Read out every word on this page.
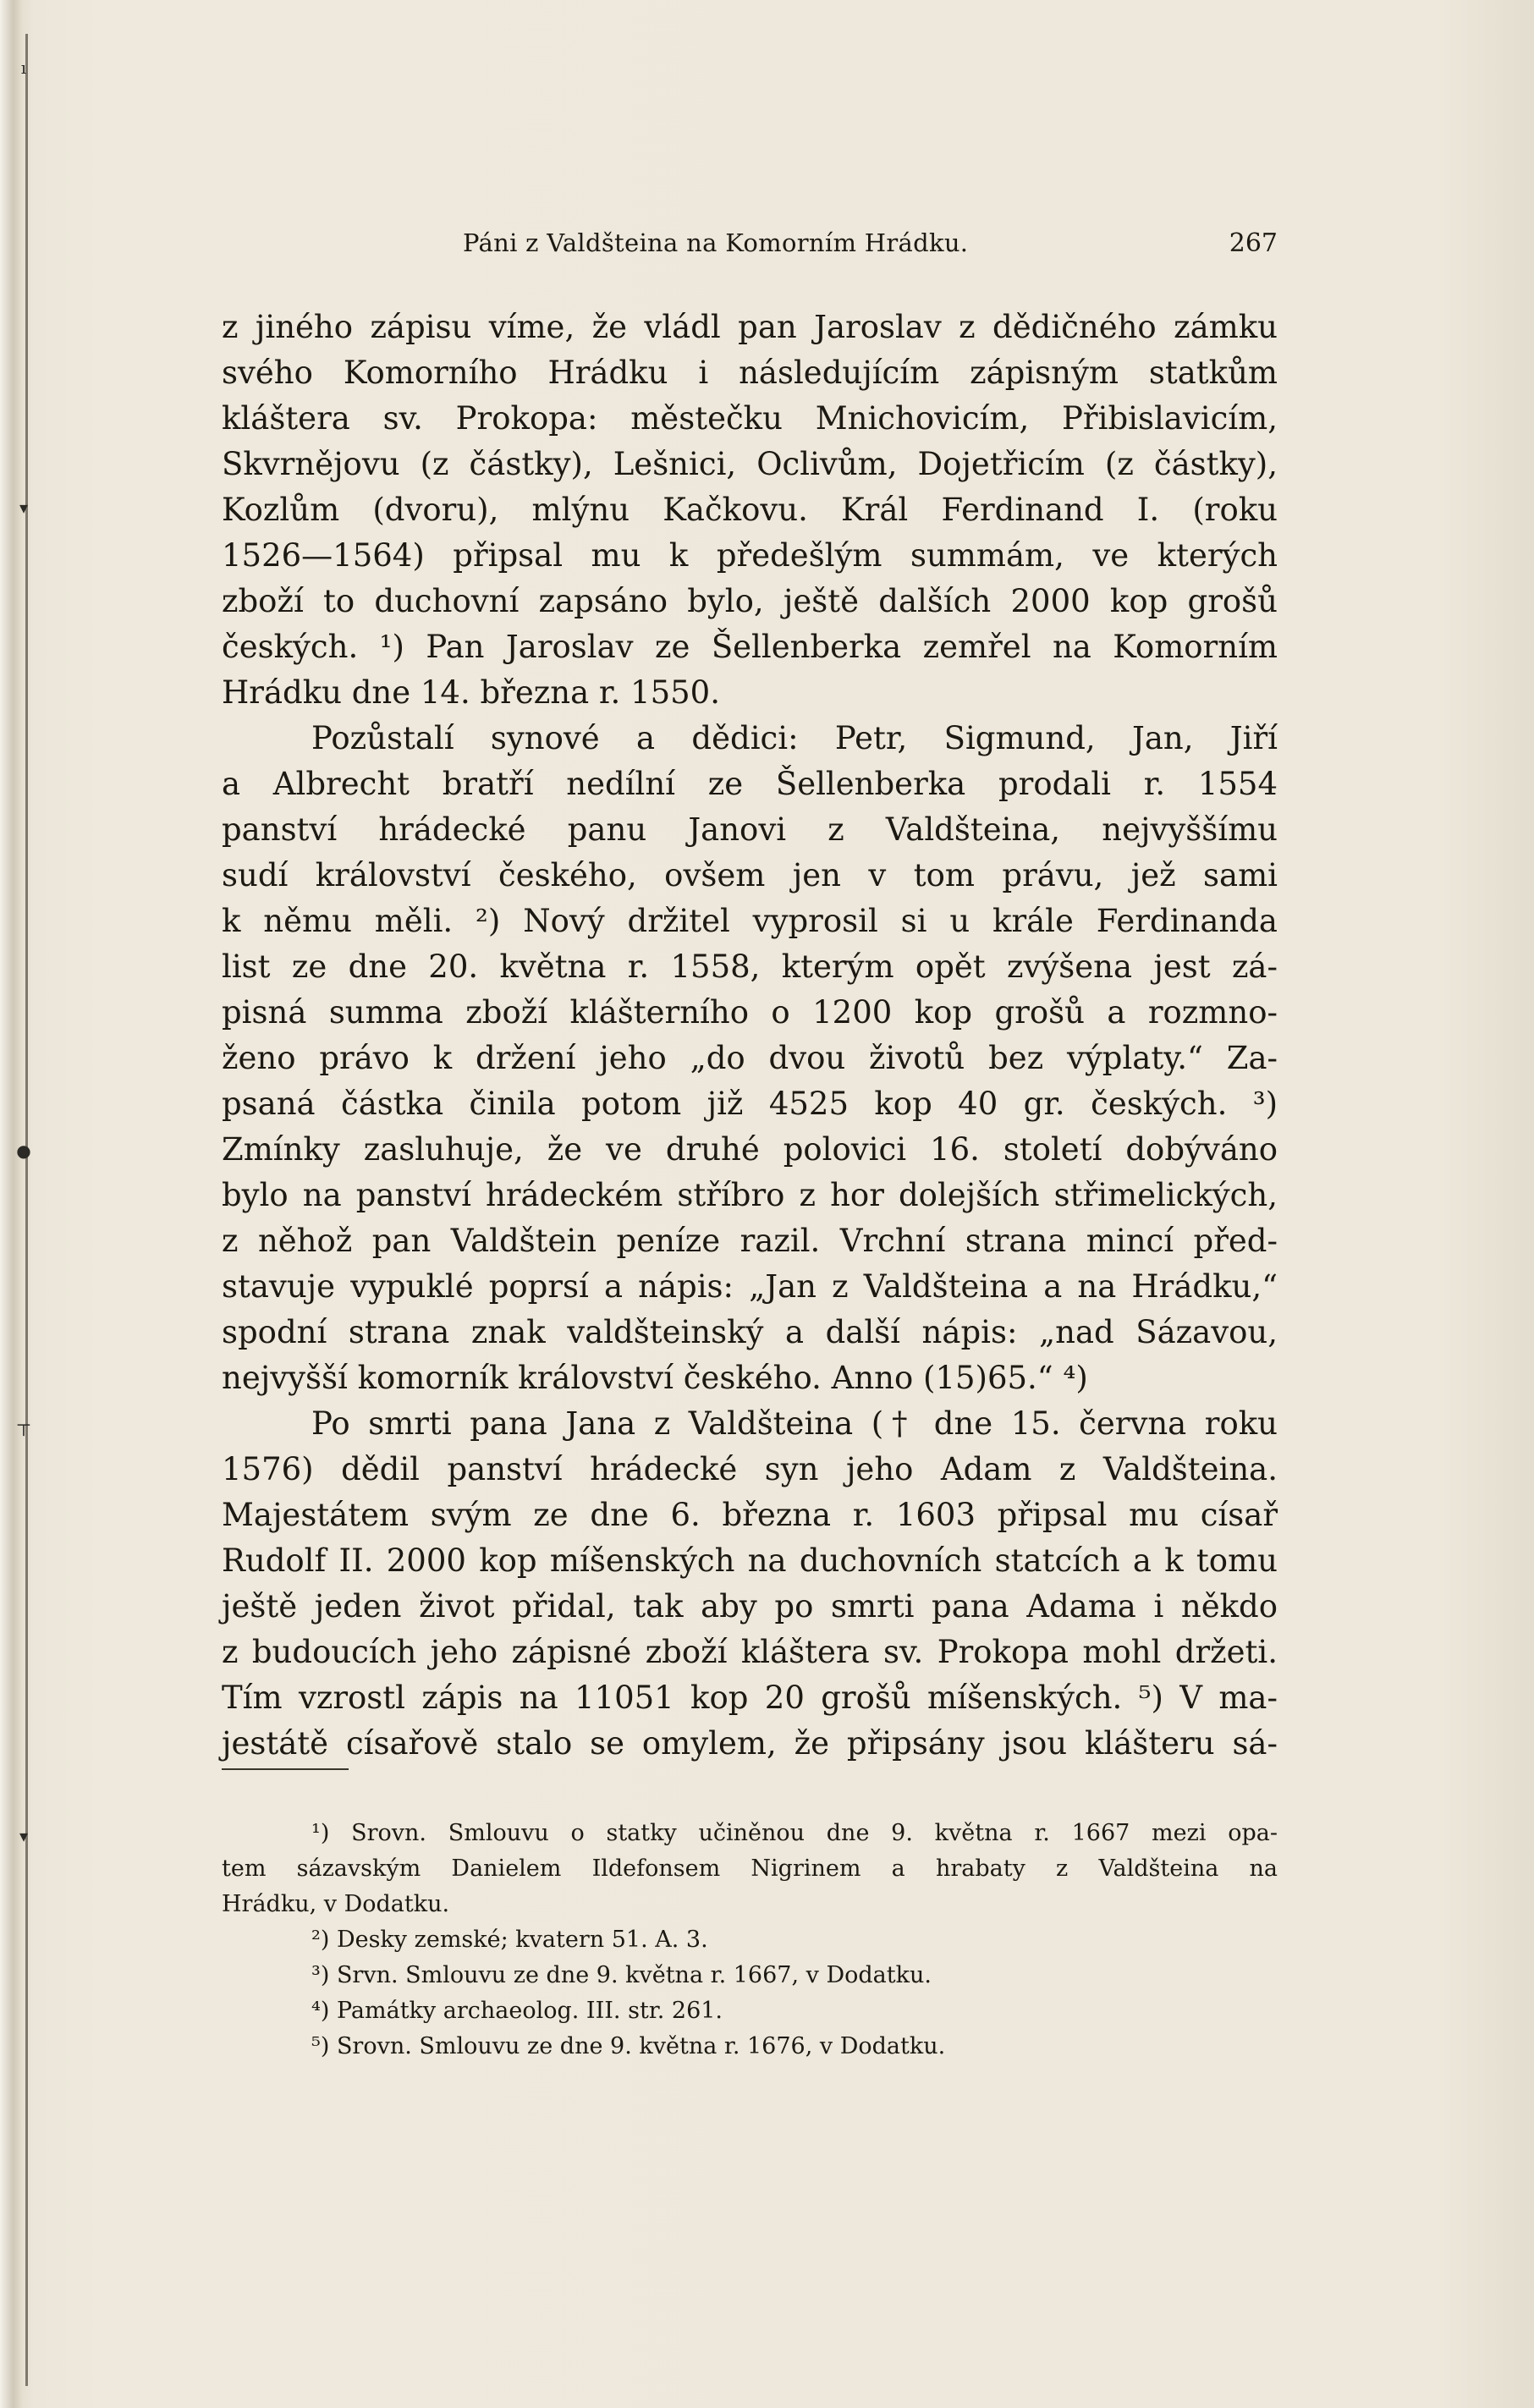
ı
▾
●
⊤
▾
Páni z Valdšteina na Komorním Hrádku.	267
z jiného zápisu víme, že vládl pan Jaroslav z dědičného zámku
svého Komorního Hrádku i následujícím zápisným statkům
kláštera sv. Prokopa: městečku Mnichovicím, Přibislavicím,
Skvrnějovu (z částky), Lešnici, Oclivům, Dojetřicím (z částky),
Kozlům (dvoru), mlýnu Kačkovu. Král Ferdinand I. (roku
1526—1564) připsal mu k předešlým summám, ve kterých
zboží to duchovní zapsáno bylo, ještě dalších 2000 kop grošů
českých. ¹) Pan Jaroslav ze Šellenberka zemřel na Komorním
Hrádku dne 14. března r. 1550.
Pozůstalí synové a dědici: Petr, Sigmund, Jan, Jiří
a Albrecht bratří nedílní ze Šellenberka prodali r. 1554
panství hrádecké panu Janovi z Valdšteina, nejvyššímu
sudí království českého, ovšem jen v tom právu, jež sami
k němu měli. ²) Nový držitel vyprosil si u krále Ferdinanda
list ze dne 20. května r. 1558, kterým opět zvýšena jest zá-
pisná summa zboží klášterního o 1200 kop grošů a rozmno-
ženo právo k držení jeho „do dvou životů bez výplaty.“ Za-
psaná částka činila potom již 4525 kop 40 gr. českých. ³)
Zmínky zasluhuje, že ve druhé polovici 16. století dobýváno
bylo na panství hrádeckém stříbro z hor dolejších střimelických,
z něhož pan Valdštein peníze razil. Vrchní strana mincí před-
stavuje vypuklé poprsí a nápis: „Jan z Valdšteina a na Hrádku,“
spodní strana znak valdšteinský a další nápis: „nad Sázavou,
nejvyšší komorník království českého. Anno (15)65.“ ⁴)
Po smrti pana Jana z Valdšteina († dne 15. června roku
1576) dědil panství hrádecké syn jeho Adam z Valdšteina.
Majestátem svým ze dne 6. března r. 1603 připsal mu císař
Rudolf II. 2000 kop míšenských na duchovních statcích a k tomu
ještě jeden život přidal, tak aby po smrti pana Adama i někdo
z budoucích jeho zápisné zboží kláštera sv. Prokopa mohl držeti.
Tím vzrostl zápis na 11051 kop 20 grošů míšenských. ⁵) V ma-
jestátě císařově stalo se omylem, že připsány jsou klášteru sá-
¹) Srovn. Smlouvu o statky učiněnou dne 9. května r. 1667 mezi opa-
tem sázavským Danielem Ildefonsem Nigrinem a hrabaty z Valdšteina na
Hrádku, v Dodatku.
²) Desky zemské; kvatern 51. A. 3.
³) Srvn. Smlouvu ze dne 9. května r. 1667, v Dodatku.
⁴) Památky archaeolog. III. str. 261.
⁵) Srovn. Smlouvu ze dne 9. května r. 1676, v Dodatku.
